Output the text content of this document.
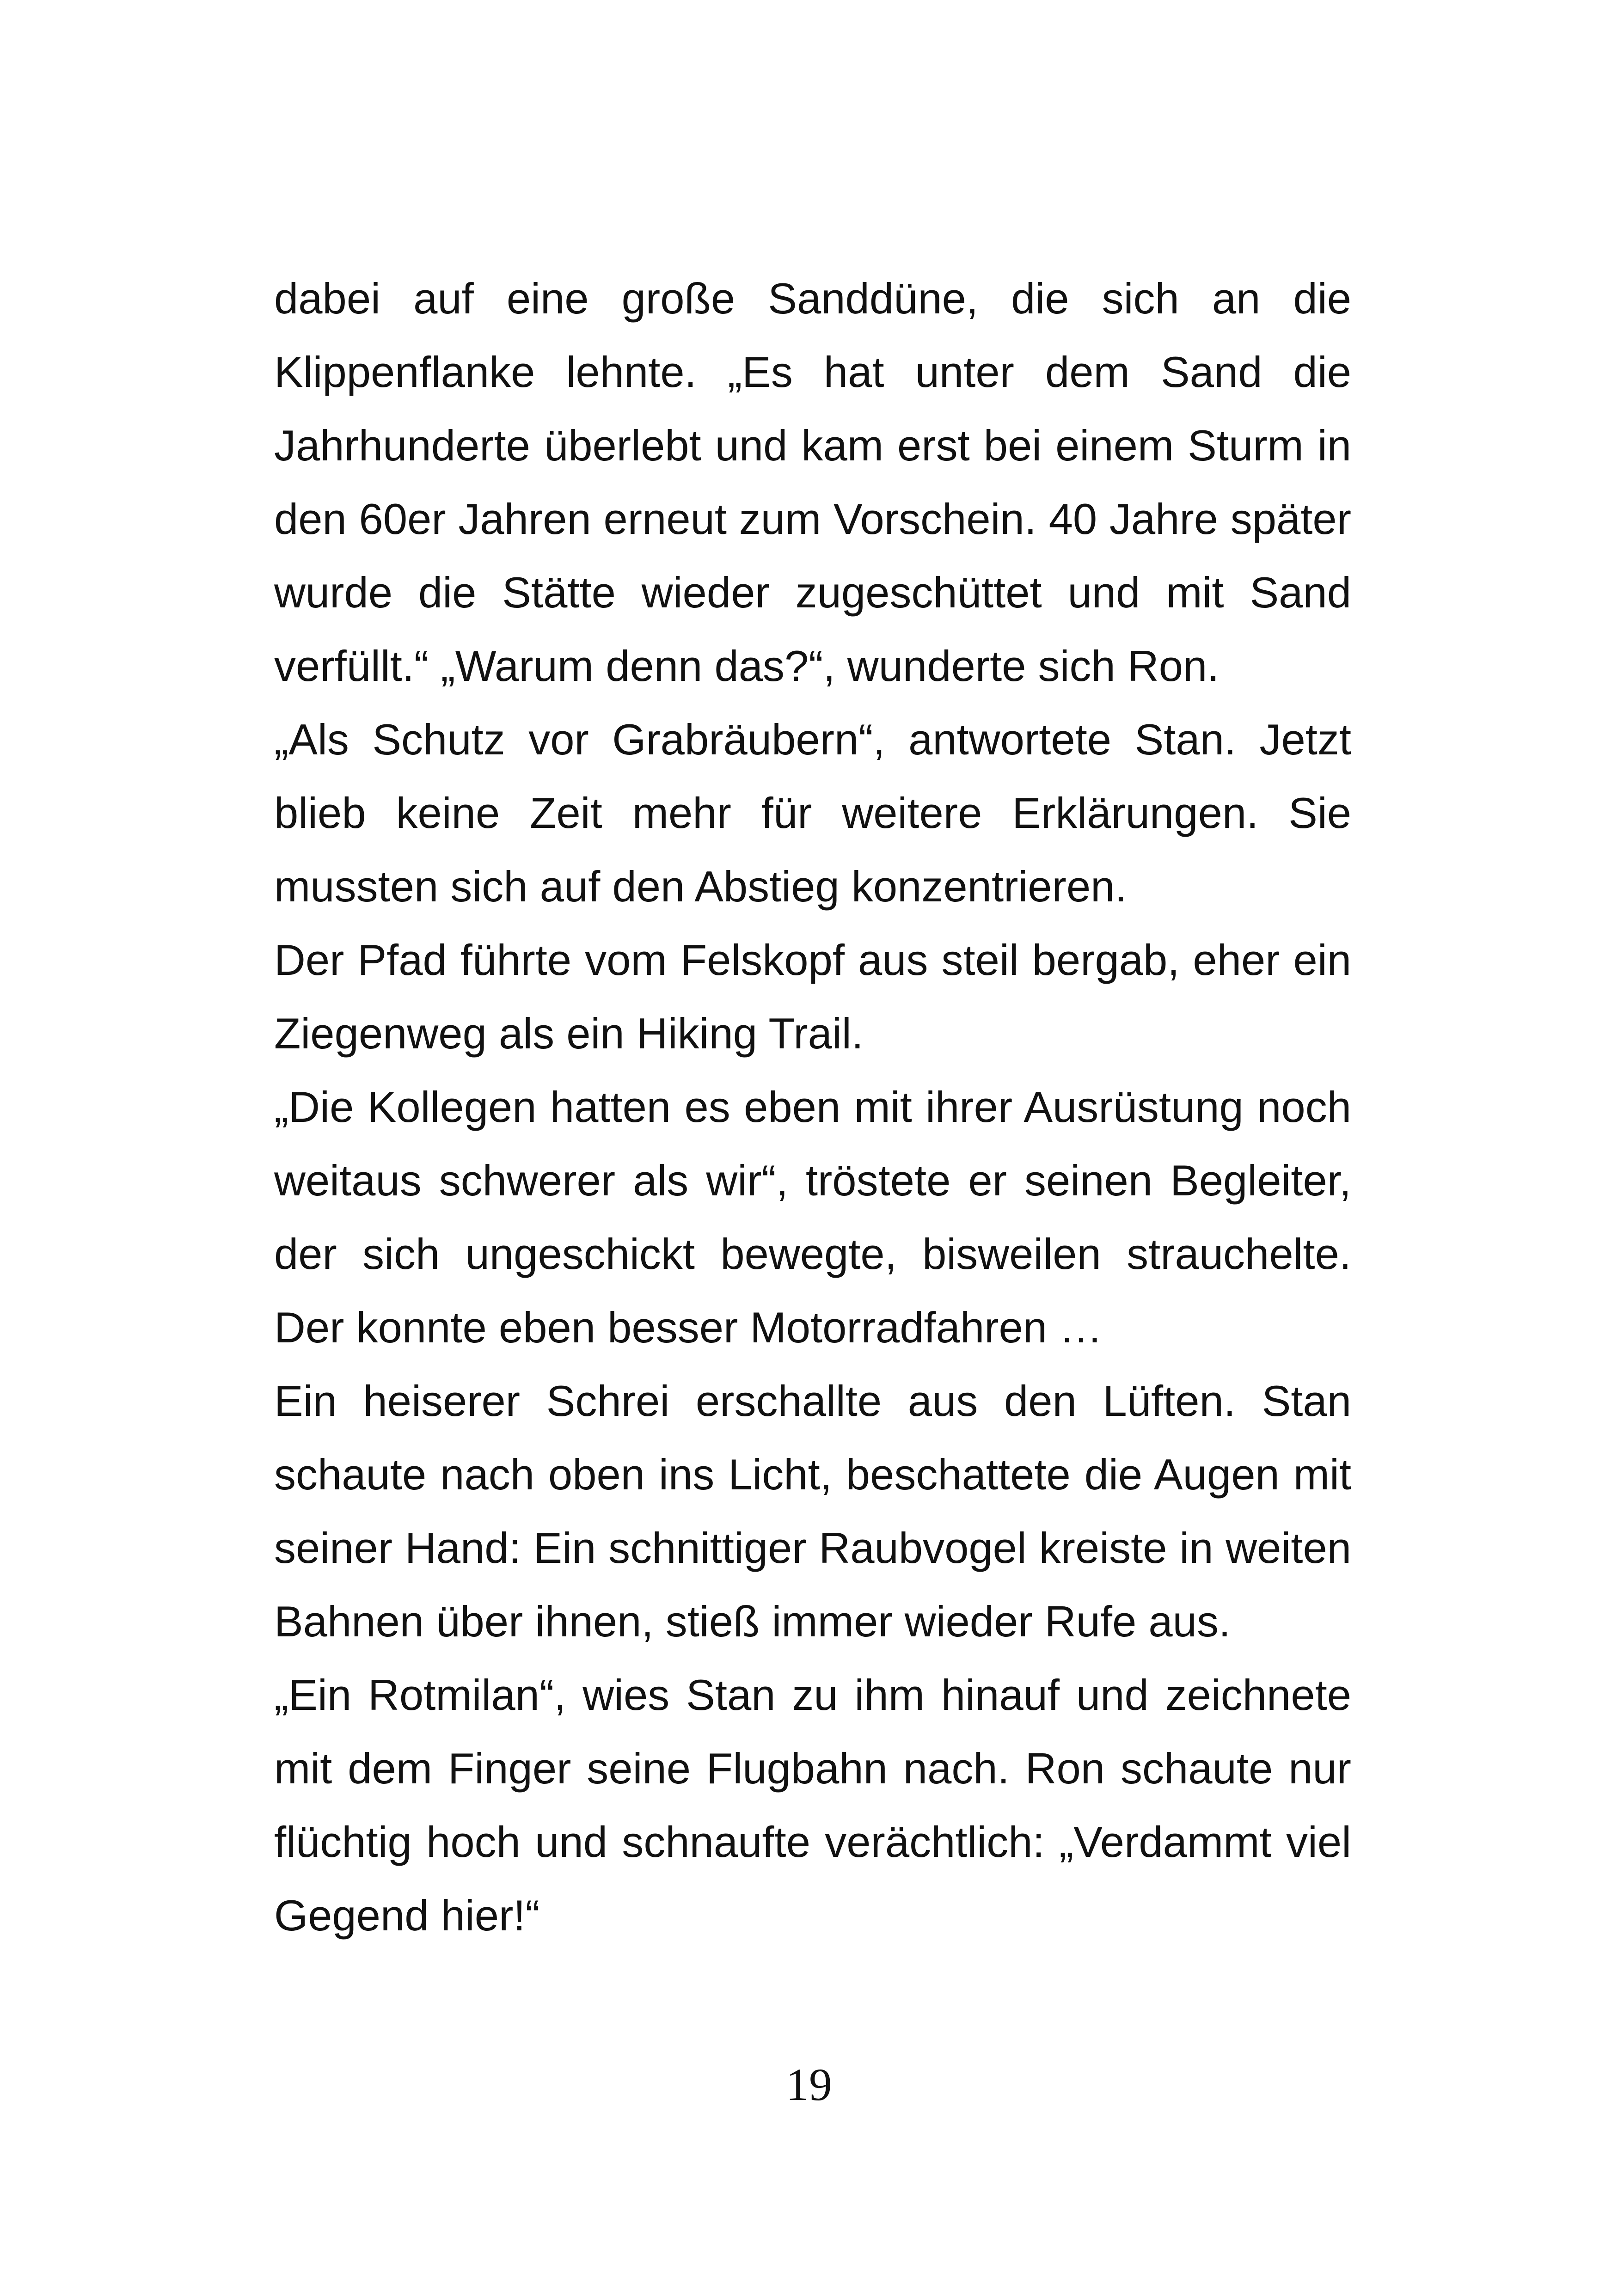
dabei auf eine große Sanddüne, die sich an die Klippenflanke lehnte. „Es hat unter dem Sand die Jahrhunderte überlebt und kam erst bei einem Sturm in den 60er Jahren erneut zum Vorschein. 40 Jahre später wurde die Stätte wieder zugeschüttet und mit Sand verfüllt.“ „Warum denn das?“, wunderte sich Ron.

„Als Schutz vor Grabräubern“, antwortete Stan. Jetzt blieb keine Zeit mehr für weitere Erklärungen. Sie mussten sich auf den Abstieg konzentrieren.

Der Pfad führte vom Felskopf aus steil bergab, eher ein Ziegenweg als ein Hiking Trail.

„Die Kollegen hatten es eben mit ihrer Ausrüstung noch weitaus schwerer als wir“, tröstete er seinen Begleiter, der sich ungeschickt bewegte, bisweilen strauchelte. Der konnte eben besser Motorradfahren …

Ein heiserer Schrei erschallte aus den Lüften. Stan schaute nach oben ins Licht, beschattete die Augen mit seiner Hand: Ein schnittiger Raubvogel kreiste in weiten Bahnen über ihnen, stieß immer wieder Rufe aus.

„Ein Rotmilan“, wies Stan zu ihm hinauf und zeichnete mit dem Finger seine Flugbahn nach. Ron schaute nur flüchtig hoch und schnaufte verächtlich: „Verdammt viel Gegend hier!“

19
